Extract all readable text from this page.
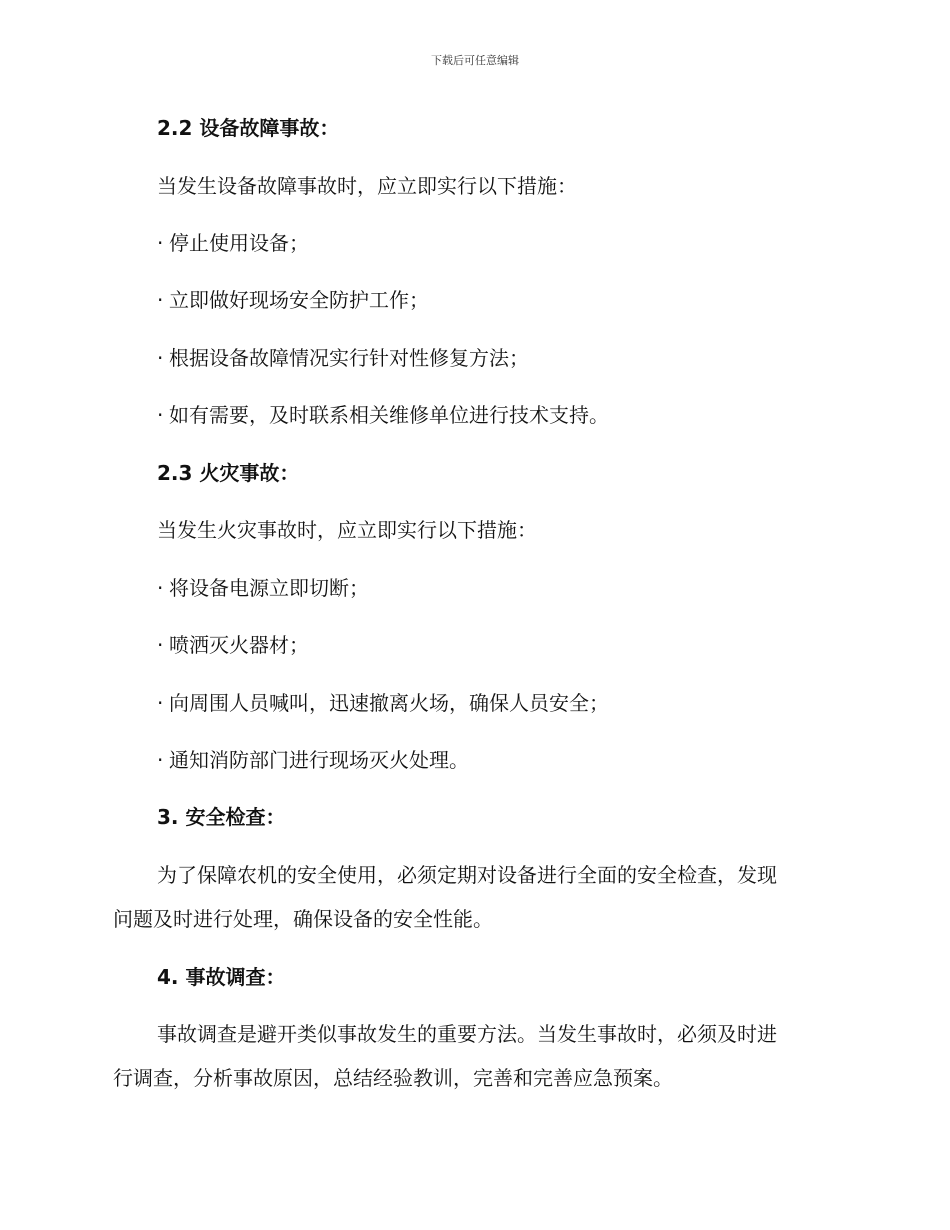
下载后可任意编辑
2.2 设备故障事故：
当发生设备故障事故时，应立即实行以下措施：
· 停止使用设备；
· 立即做好现场安全防护工作；
· 根据设备故障情况实行针对性修复方法；
· 如有需要，及时联系相关维修单位进行技术支持。
2.3 火灾事故：
当发生火灾事故时，应立即实行以下措施：
· 将设备电源立即切断；
· 喷洒灭火器材；
· 向周围人员喊叫，迅速撤离火场，确保人员安全；
· 通知消防部门进行现场灭火处理。
3. 安全检查：
为了保障农机的安全使用，必须定期对设备进行全面的安全检查，发现
问题及时进行处理，确保设备的安全性能。
4. 事故调查：
事故调查是避开类似事故发生的重要方法。当发生事故时，必须及时进
行调查，分析事故原因，总结经验教训，完善和完善应急预案。
